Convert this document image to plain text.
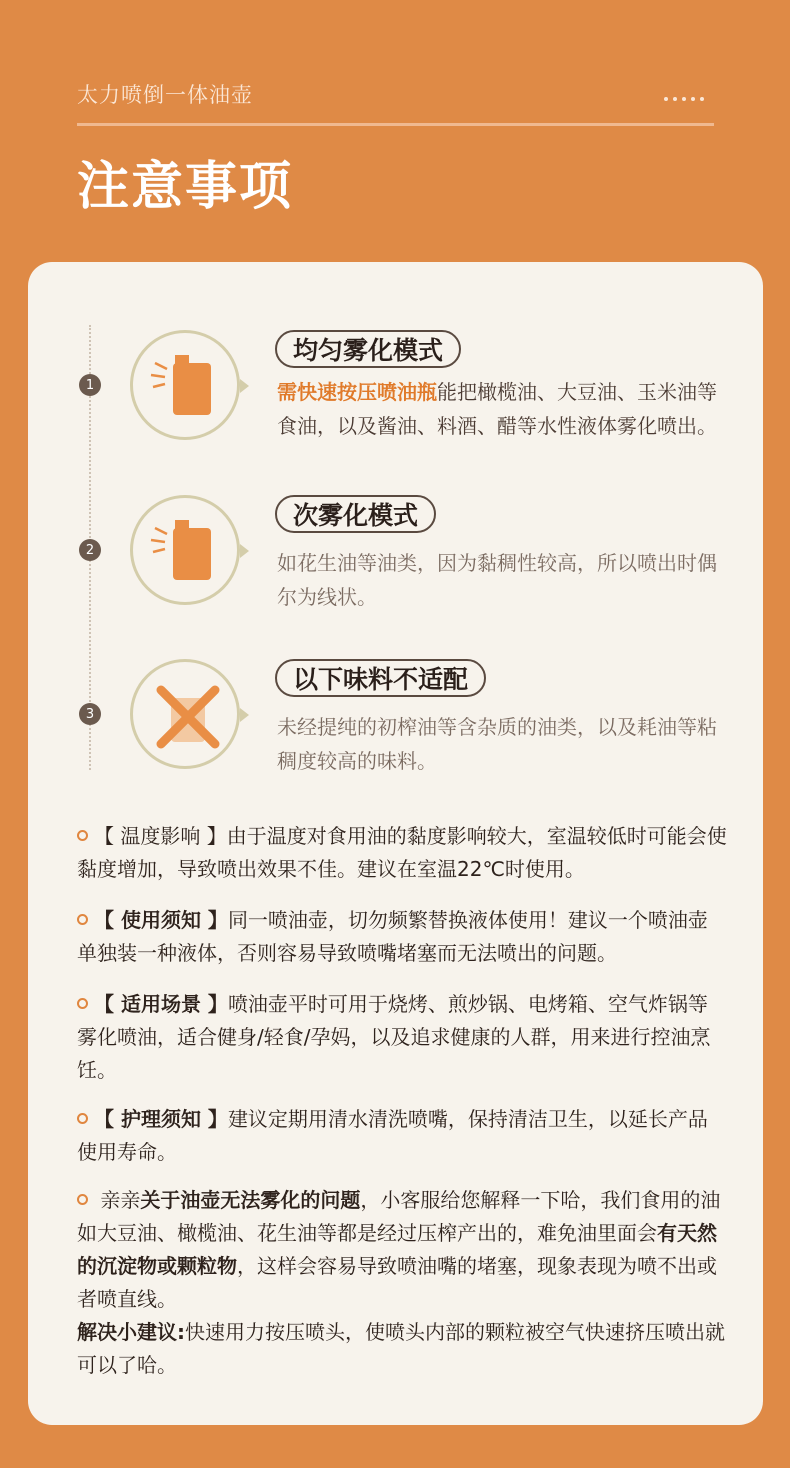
太力喷倒一体油壶
注意事项
1
均匀雾化模式
需快速按压喷油瓶能把橄榄油、大豆油、玉米油等食油，以及酱油、料酒、醋等水性液体雾化喷出。
2
次雾化模式
如花生油等油类，因为黏稠性较高，所以喷出时偶尔为线状。
3
以下味料不适配
未经提纯的初榨油等含杂质的油类，以及耗油等粘稠度较高的味料。
【 温度影响 】由于温度对食用油的黏度影响较大，室温较低时可能会使黏度增加，导致喷出效果不佳。建议在室温22℃时使用。
【 使用须知 】同一喷油壶，切勿频繁替换液体使用！建议一个喷油壶单独装一种液体，否则容易导致喷嘴堵塞而无法喷出的问题。
【 适用场景 】喷油壶平时可用于烧烤、煎炒锅、电烤箱、空气炸锅等雾化喷油，适合健身/轻食/孕妈，以及追求健康的人群，用来进行控油烹饪。
【 护理须知 】建议定期用清水清洗喷嘴，保持清洁卫生，以延长产品使用寿命。
亲亲关于油壶无法雾化的问题，小客服给您解释一下哈，我们食用的油如大豆油、橄榄油、花生油等都是经过压榨产出的，难免油里面会有天然的沉淀物或颗粒物，这样会容易导致喷油嘴的堵塞，现象表现为喷不出或者喷直线。
解决小建议:快速用力按压喷头，使喷头内部的颗粒被空气快速挤压喷出就可以了哈。
